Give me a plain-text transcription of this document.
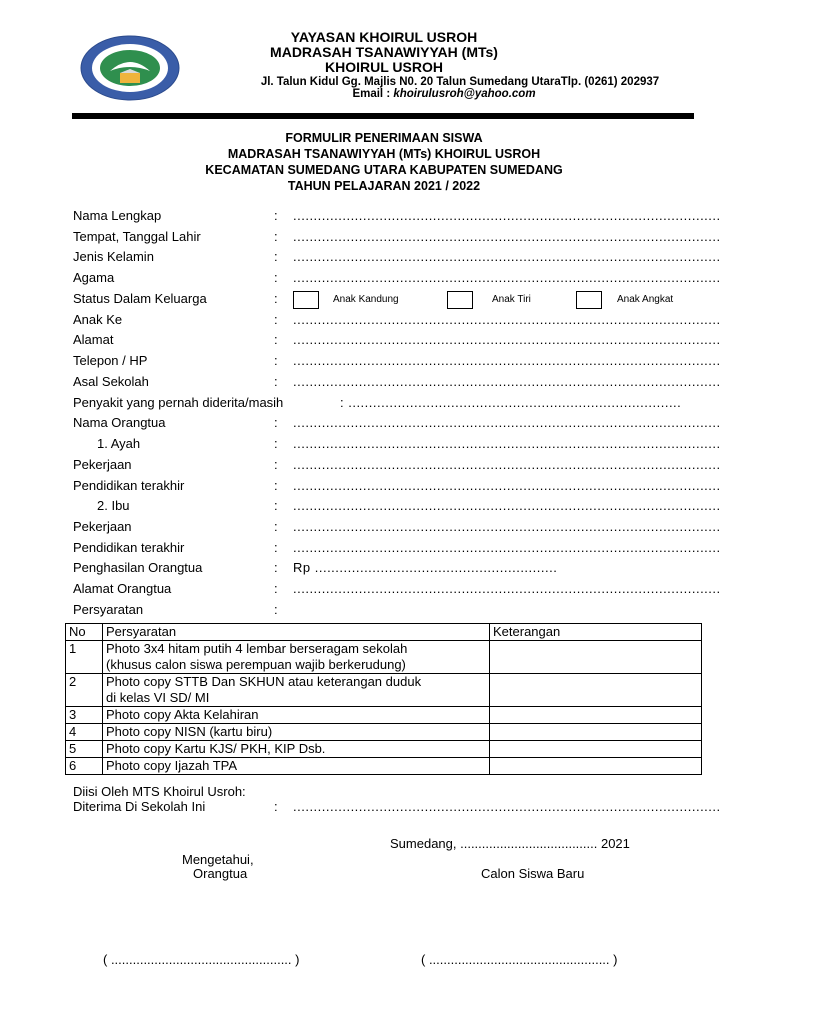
YAYASAN KHOIRUL USROH
MADRASAH TSANAWIYYAH (MTs)
KHOIRUL USROH
Jl. Talun Kidul Gg. Majlis N0. 20 Talun Sumedang UtaraTlp. (0261) 202937
Email : khoirulusroh@yahoo.com
FORMULIR PENERIMAAN SISWA
MADRASAH TSANAWIYYAH (MTs) KHOIRUL USROH
KECAMATAN SUMEDANG UTARA KABUPATEN SUMEDANG
TAHUN PELAJARAN 2021 / 2022
Nama Lengkap	: ........................................................................................................
Tempat, Tanggal Lahir	: ........................................................................................................
Jenis Kelamin	: ........................................................................................................
Agama	: ........................................................................................................
Status Dalam Keluarga	:	Anak Kandung	Anak Tiri	Anak Angkat
Anak Ke	: ........................................................................................................
Alamat	: ........................................................................................................
Telepon / HP	: ........................................................................................................
Asal Sekolah	: ........................................................................................................
Penyakit yang pernah diderita/masih	: .................................................................................
Nama Orangtua	: ........................................................................................................
1. Ayah	: ........................................................................................................
Pekerjaan	: ........................................................................................................
Pendidikan terakhir	: ........................................................................................................
2. Ibu	: ........................................................................................................
Pekerjaan	: ........................................................................................................
Pendidikan terakhir	: ........................................................................................................
Penghasilan Orangtua	: Rp ...........................................................
Alamat Orangtua	: ........................................................................................................
Persyaratan	:
No	Persyaratan	Keterangan
1	Photo 3x4 hitam putih 4 lembar berseragam sekolah
(khusus calon siswa perempuan wajib berkerudung)	

2	Photo copy STTB Dan SKHUN atau keterangan duduk
di kelas VI SD/ MI	

3	Photo copy Akta Kelahiran	
4	Photo copy NISN (kartu biru)	
5	Photo copy Kartu KJS/ PKH, KIP Dsb.	
6	Photo copy Ijazah TPA	
Diisi Oleh MTS Khoirul Usroh:
Diterima Di Sekolah Ini	: ........................................................................................................
Sumedang, ...................................... 2021
Mengetahui,
Orangtua	Calon Siswa Baru
( .................................................. )	( .................................................. )
